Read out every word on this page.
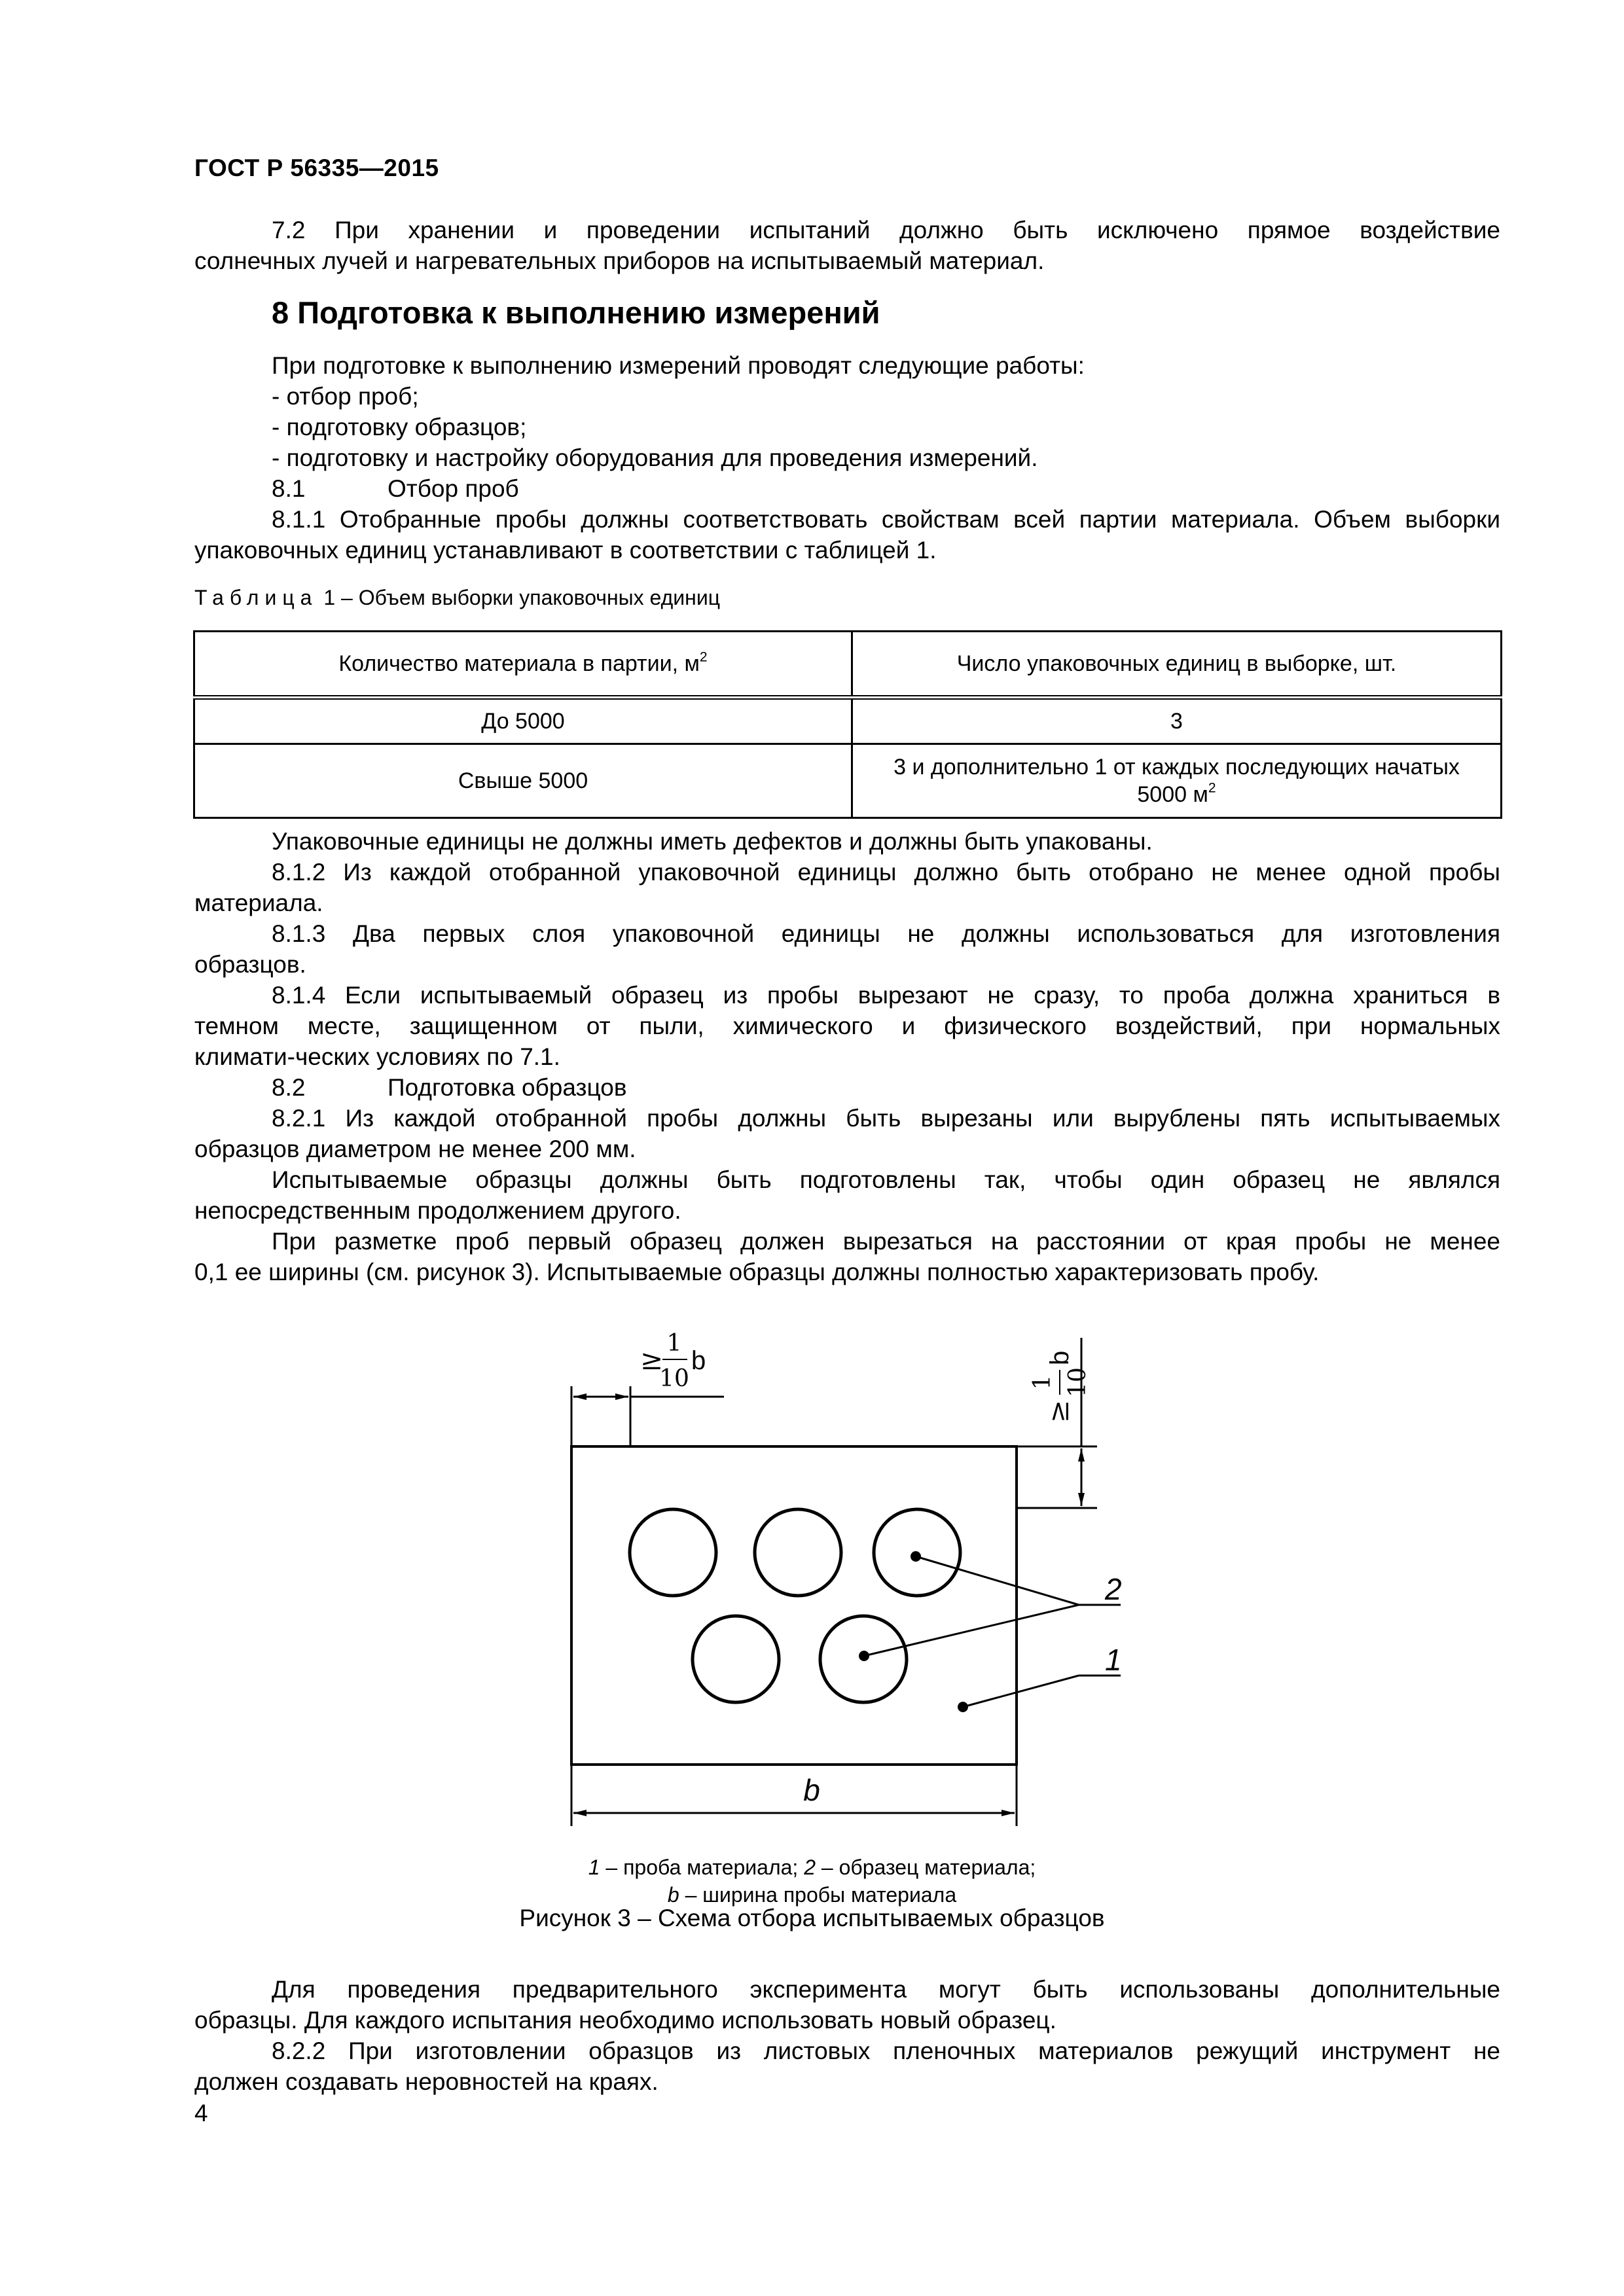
ГОСТ Р 56335—2015
7.2 При хранении и проведении испытаний должно быть исключено прямое воздействие
солнечных лучей и нагревательных приборов на испытываемый материал.
8 Подготовка к выполнению измерений
При подготовке к выполнению измерений проводят следующие работы:
- отбор проб;
- подготовку образцов;
- подготовку и настройку оборудования для проведения измерений.
8.1	Отбор проб
8.1.1 Отобранные пробы должны соответствовать свойствам всей партии материала. Объем выборки
упаковочных единиц устанавливают в соответствии с таблицей 1.
Таблица 1 – Объем выборки упаковочных единиц
Количество материала в партии, $м^2$	Число упаковочных единиц в выборке, шт.
До 5000	3
Свыше 5000	3 и дополнительно 1 от каждых последующих начатых
5000 $м^2$
Упаковочные единицы не должны иметь дефектов и должны быть упакованы.
8.1.2 Из каждой отобранной упаковочной единицы должно быть отобрано не менее одной пробы
материала.
8.1.3 Два первых слоя упаковочной единицы не должны использоваться для изготовления
образцов.
8.1.4 Если испытываемый образец из пробы вырезают не сразу, то проба должна храниться в
темном месте, защищенном от пыли, химического и физического воздействий, при нормальных
климати-ческих условиях по 7.1.
8.2	Подготовка образцов
8.2.1 Из каждой отобранной пробы должны быть вырезаны или вырублены пять испытываемых
образцов диаметром не менее 200 мм.
Испытываемые образцы должны быть подготовлены так, чтобы один образец не являлся
непосредственным продолжением другого.
При разметке проб первый образец должен вырезаться на расстоянии от края пробы не менее
0,1 ее ширины (см. рисунок 3). Испытываемые образцы должны полностью характеризовать пробу.
≥
1
10
b
≥
1 10
b
b
2
1
1 – проба материала; 2 – образец материала;
b – ширина пробы материала
Рисунок 3 – Схема отбора испытываемых образцов
Для проведения предварительного эксперимента могут быть использованы дополнительные
образцы. Для каждого испытания необходимо использовать новый образец.
8.2.2 При изготовлении образцов из листовых пленочных материалов режущий инструмент не
должен создавать неровностей на краях.
4
